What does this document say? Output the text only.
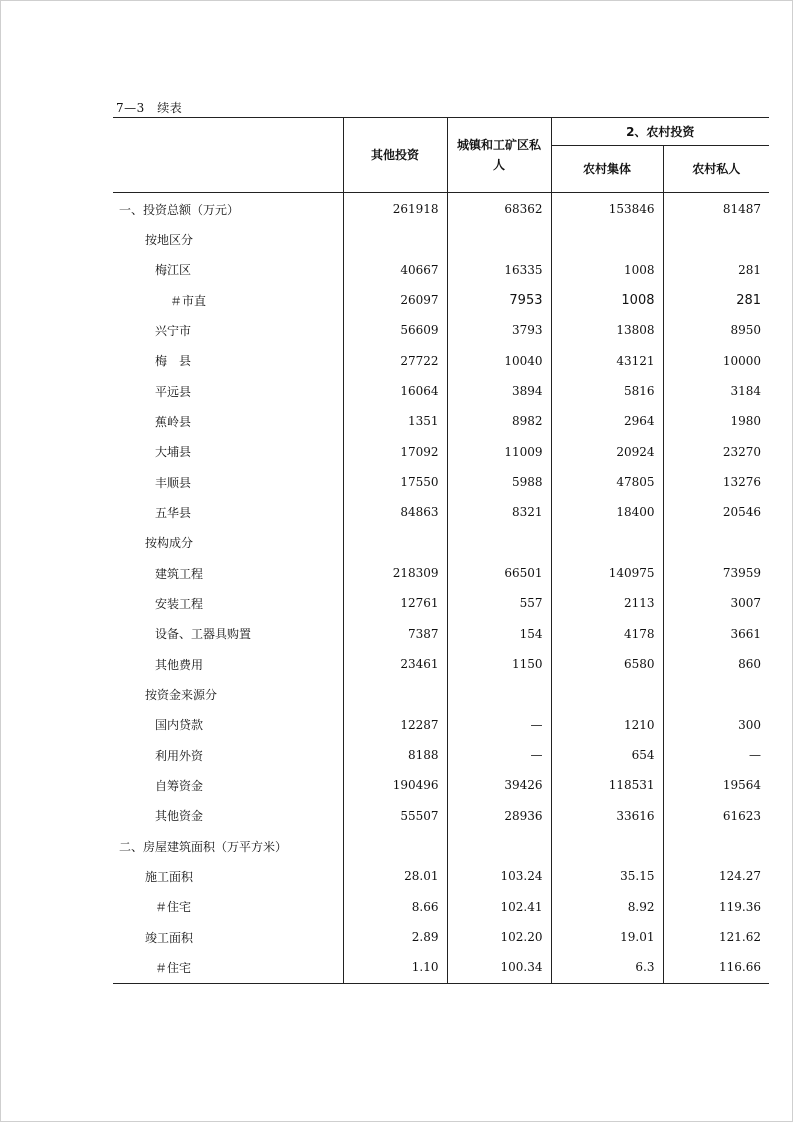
7—3　续表
	其他投资	城镇和工矿区私人	2、农村投资	
			农村集体	农村私人
一、投资总额（万元）	261918	68362	153846	81487
按地区分				
梅江区	40667	16335	1008	281
＃市直	26097	7953	1008	281
兴宁市	56609	3793	13808	8950
梅　县	27722	10040	43121	10000
平远县	16064	3894	5816	3184
蕉岭县	1351	8982	2964	1980
大埔县	17092	11009	20924	23270
丰顺县	17550	5988	47805	13276
五华县	84863	8321	18400	20546
按构成分				
建筑工程	218309	66501	140975	73959
安装工程	12761	557	2113	3007
设备、工器具购置	7387	154	4178	3661
其他费用	23461	1150	6580	860
按资金来源分				
国内贷款	12287	—	1210	300
利用外资	8188	—	654	—
自筹资金	190496	39426	118531	19564
其他资金	55507	28936	33616	61623
二、房屋建筑面积（万平方米）				
施工面积	28.01	103.24	35.15	124.27
＃住宅	8.66	102.41	8.92	119.36
竣工面积	2.89	102.20	19.01	121.62
＃住宅	1.10	100.34	6.3	116.66
